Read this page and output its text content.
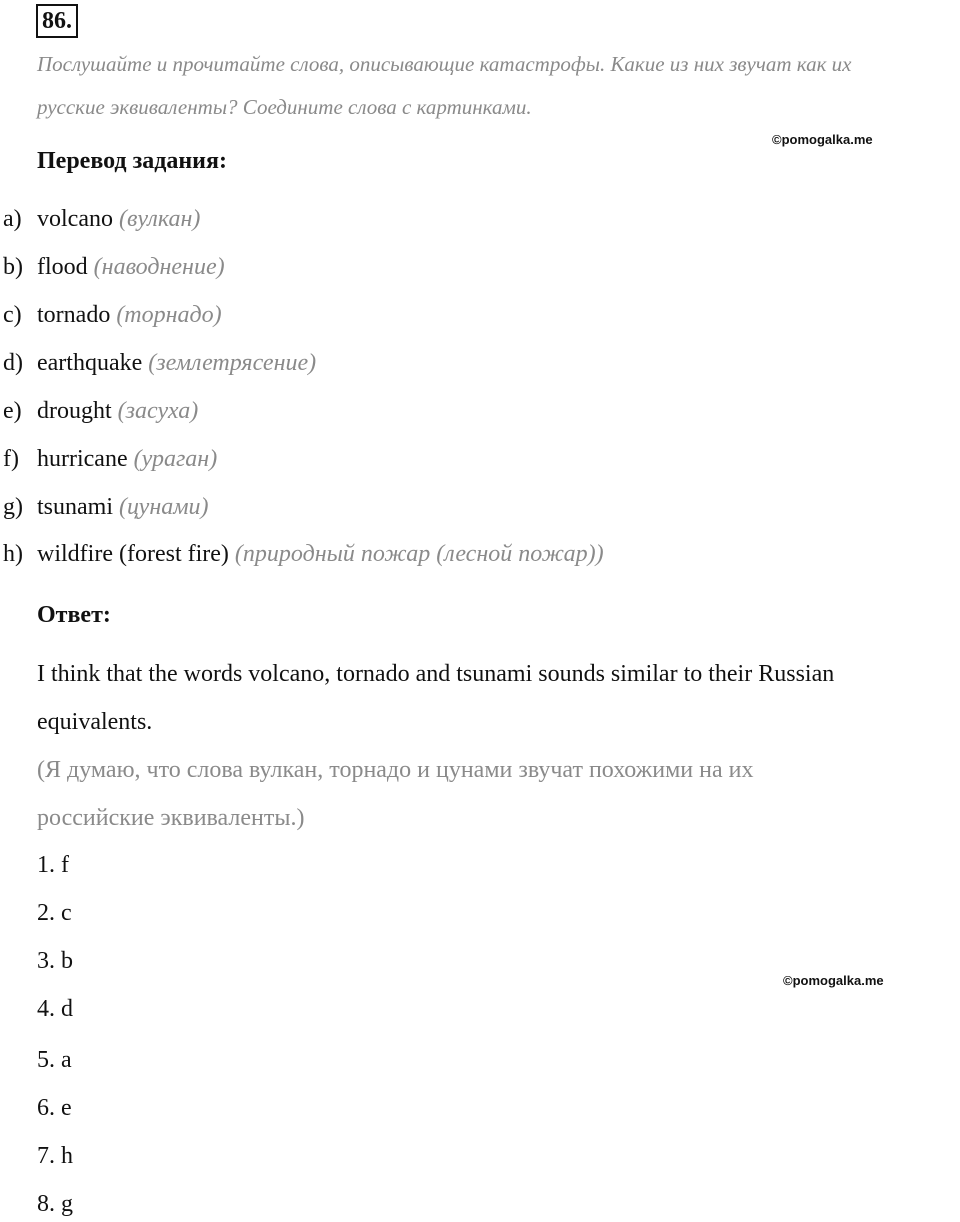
86.
Послушайте и прочитайте слова, описывающие катастрофы. Какие из них звучат как их
русские эквиваленты? Соедините слова с картинками.
©pomogalka.me
Перевод задания:
a) volcano (вулкан)
b) flood (наводнение)
c) tornado (торнадо)
d) earthquake (землетрясение)
e) drought (засуха)
f) hurricane (ураган)
g) tsunami (цунами)
h) wildfire (forest fire) (природный пожар (лесной пожар))
Ответ:
I think that the words volcano, tornado and tsunami sounds similar to their Russian
equivalents.
(Я думаю, что слова вулкан, торнадо и цунами звучат похожими на их
российские эквиваленты.)
1. f
2. c
3. b
4. d
5. a
6. e
7. h
8. g
©pomogalka.me
